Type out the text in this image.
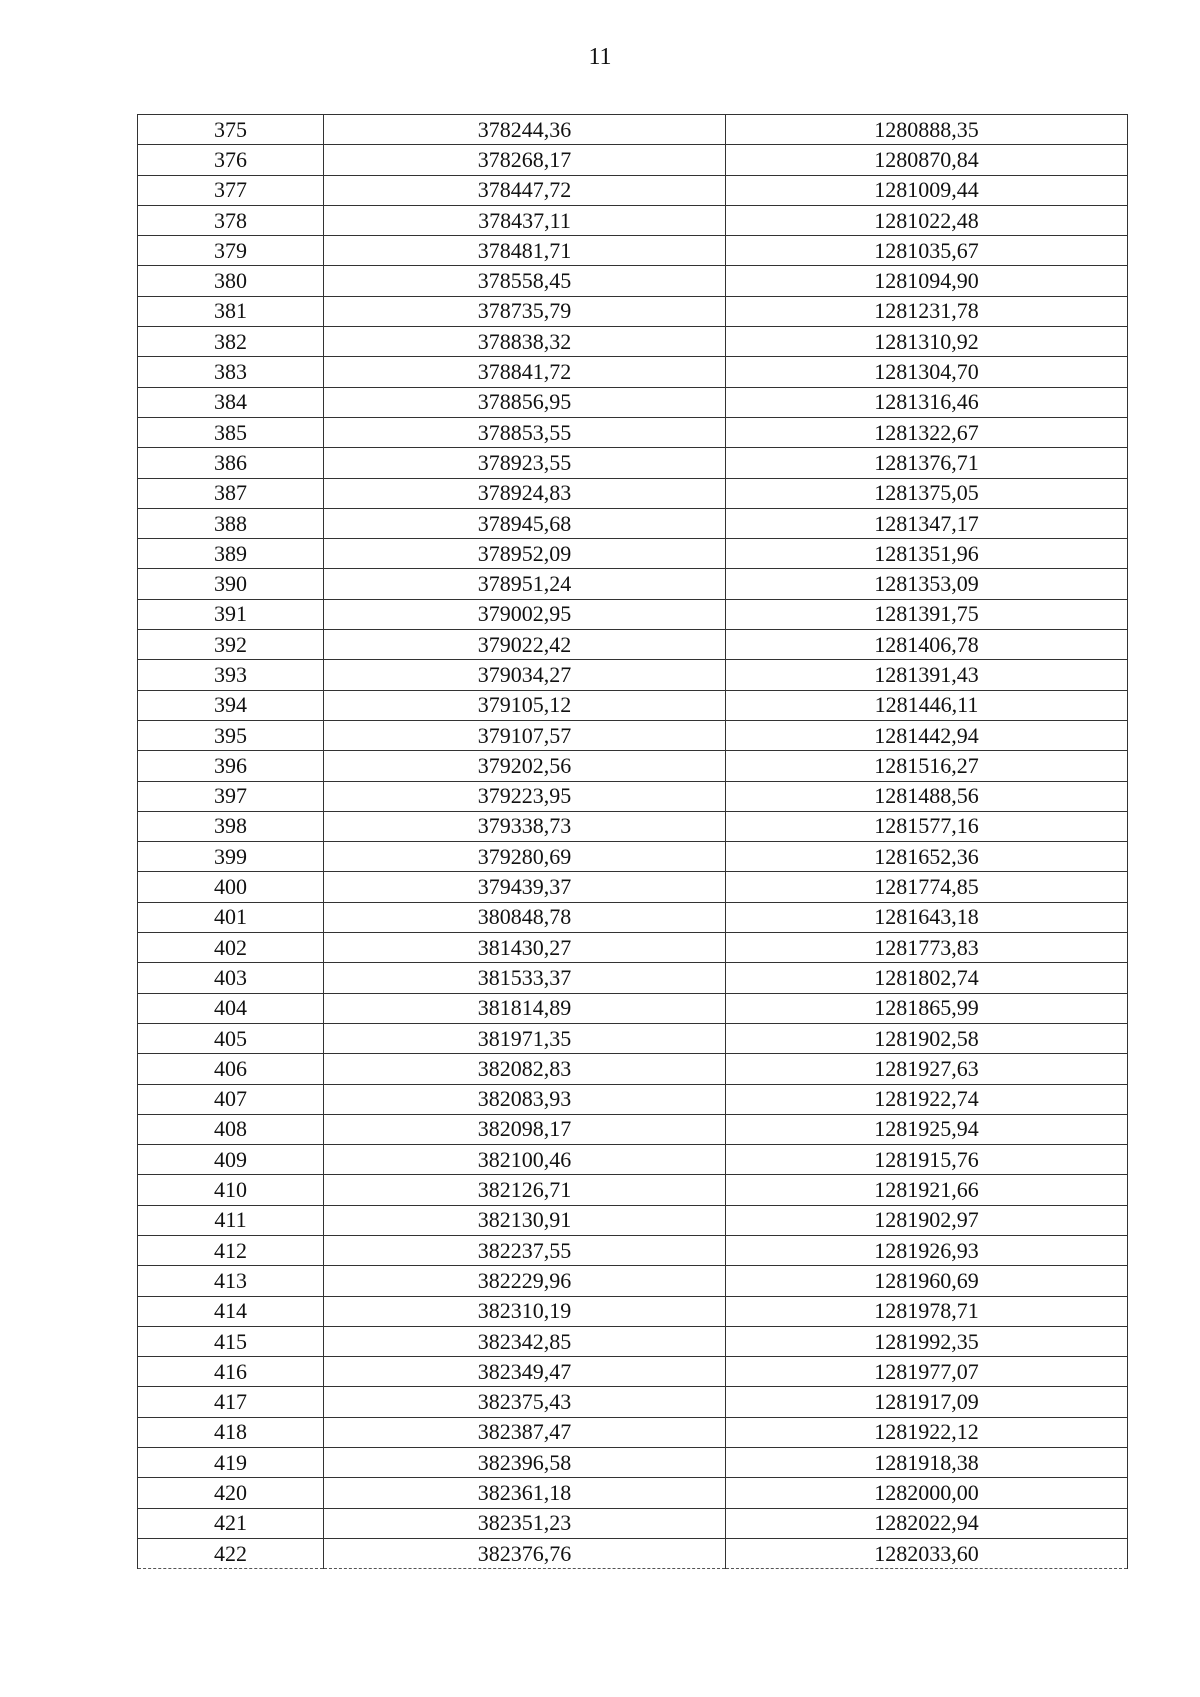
11
375	378244,36	1280888,35
376	378268,17	1280870,84
377	378447,72	1281009,44
378	378437,11	1281022,48
379	378481,71	1281035,67
380	378558,45	1281094,90
381	378735,79	1281231,78
382	378838,32	1281310,92
383	378841,72	1281304,70
384	378856,95	1281316,46
385	378853,55	1281322,67
386	378923,55	1281376,71
387	378924,83	1281375,05
388	378945,68	1281347,17
389	378952,09	1281351,96
390	378951,24	1281353,09
391	379002,95	1281391,75
392	379022,42	1281406,78
393	379034,27	1281391,43
394	379105,12	1281446,11
395	379107,57	1281442,94
396	379202,56	1281516,27
397	379223,95	1281488,56
398	379338,73	1281577,16
399	379280,69	1281652,36
400	379439,37	1281774,85
401	380848,78	1281643,18
402	381430,27	1281773,83
403	381533,37	1281802,74
404	381814,89	1281865,99
405	381971,35	1281902,58
406	382082,83	1281927,63
407	382083,93	1281922,74
408	382098,17	1281925,94
409	382100,46	1281915,76
410	382126,71	1281921,66
411	382130,91	1281902,97
412	382237,55	1281926,93
413	382229,96	1281960,69
414	382310,19	1281978,71
415	382342,85	1281992,35
416	382349,47	1281977,07
417	382375,43	1281917,09
418	382387,47	1281922,12
419	382396,58	1281918,38
420	382361,18	1282000,00
421	382351,23	1282022,94
422	382376,76	1282033,60
